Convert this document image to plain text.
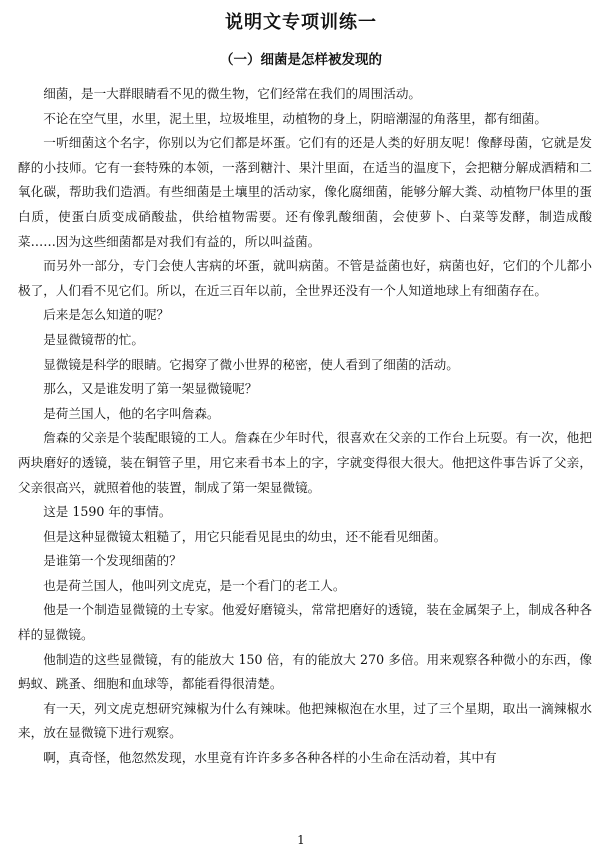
说明文专项训练一
（一）细菌是怎样被发现的

细菌，是一大群眼睛看不见的微生物，它们经常在我们的周围活动。

不论在空气里，水里，泥土里，垃圾堆里，动植物的身上，阴暗潮湿的角落里，都有细菌。

一听细菌这个名字，你别以为它们都是坏蛋。它们有的还是人类的好朋友呢！像酵母菌，它就是发酵的小技师。它有一套特殊的本领，一落到糖汁、果汁里面，在适当的温度下，会把糖分解成酒精和二氧化碳，帮助我们造酒。有些细菌是土壤里的活动家，像化腐细菌，能够分解大粪、动植物尸体里的蛋白质，使蛋白质变成硝酸盐，供给植物需要。还有像乳酸细菌，会使萝卜、白菜等发酵，制造成酸菜……因为这些细菌都是对我们有益的，所以叫益菌。

而另外一部分，专门会使人害病的坏蛋，就叫病菌。不管是益菌也好，病菌也好，它们的个儿都小极了，人们看不见它们。所以，在近三百年以前，全世界还没有一个人知道地球上有细菌存在。

后来是怎么知道的呢？

是显微镜帮的忙。

显微镜是科学的眼睛。它揭穿了微小世界的秘密，使人看到了细菌的活动。

那么，又是谁发明了第一架显微镜呢？

是荷兰国人，他的名字叫詹森。

詹森的父亲是个装配眼镜的工人。詹森在少年时代，很喜欢在父亲的工作台上玩耍。有一次，他把两块磨好的透镜，装在铜管子里，用它来看书本上的字，字就变得很大很大。他把这件事告诉了父亲，父亲很高兴，就照着他的装置，制成了第一架显微镜。

这是 1590 年的事情。

但是这种显微镜太粗糙了，用它只能看见昆虫的幼虫，还不能看见细菌。

是谁第一个发现细菌的？

也是荷兰国人，他叫列文虎克，是一个看门的老工人。

他是一个制造显微镜的土专家。他爱好磨镜头，常常把磨好的透镜，装在金属架子上，制成各种各样的显微镜。

他制造的这些显微镜，有的能放大 150 倍，有的能放大 270 多倍。用来观察各种微小的东西，像蚂蚁、跳蚤、细胞和血球等，都能看得很清楚。

有一天，列文虎克想研究辣椒为什么有辣味。他把辣椒泡在水里，过了三个星期，取出一滴辣椒水来，放在显微镜下进行观察。

啊，真奇怪，他忽然发现，水里竟有许许多多各种各样的小生命在活动着，其中有

1
